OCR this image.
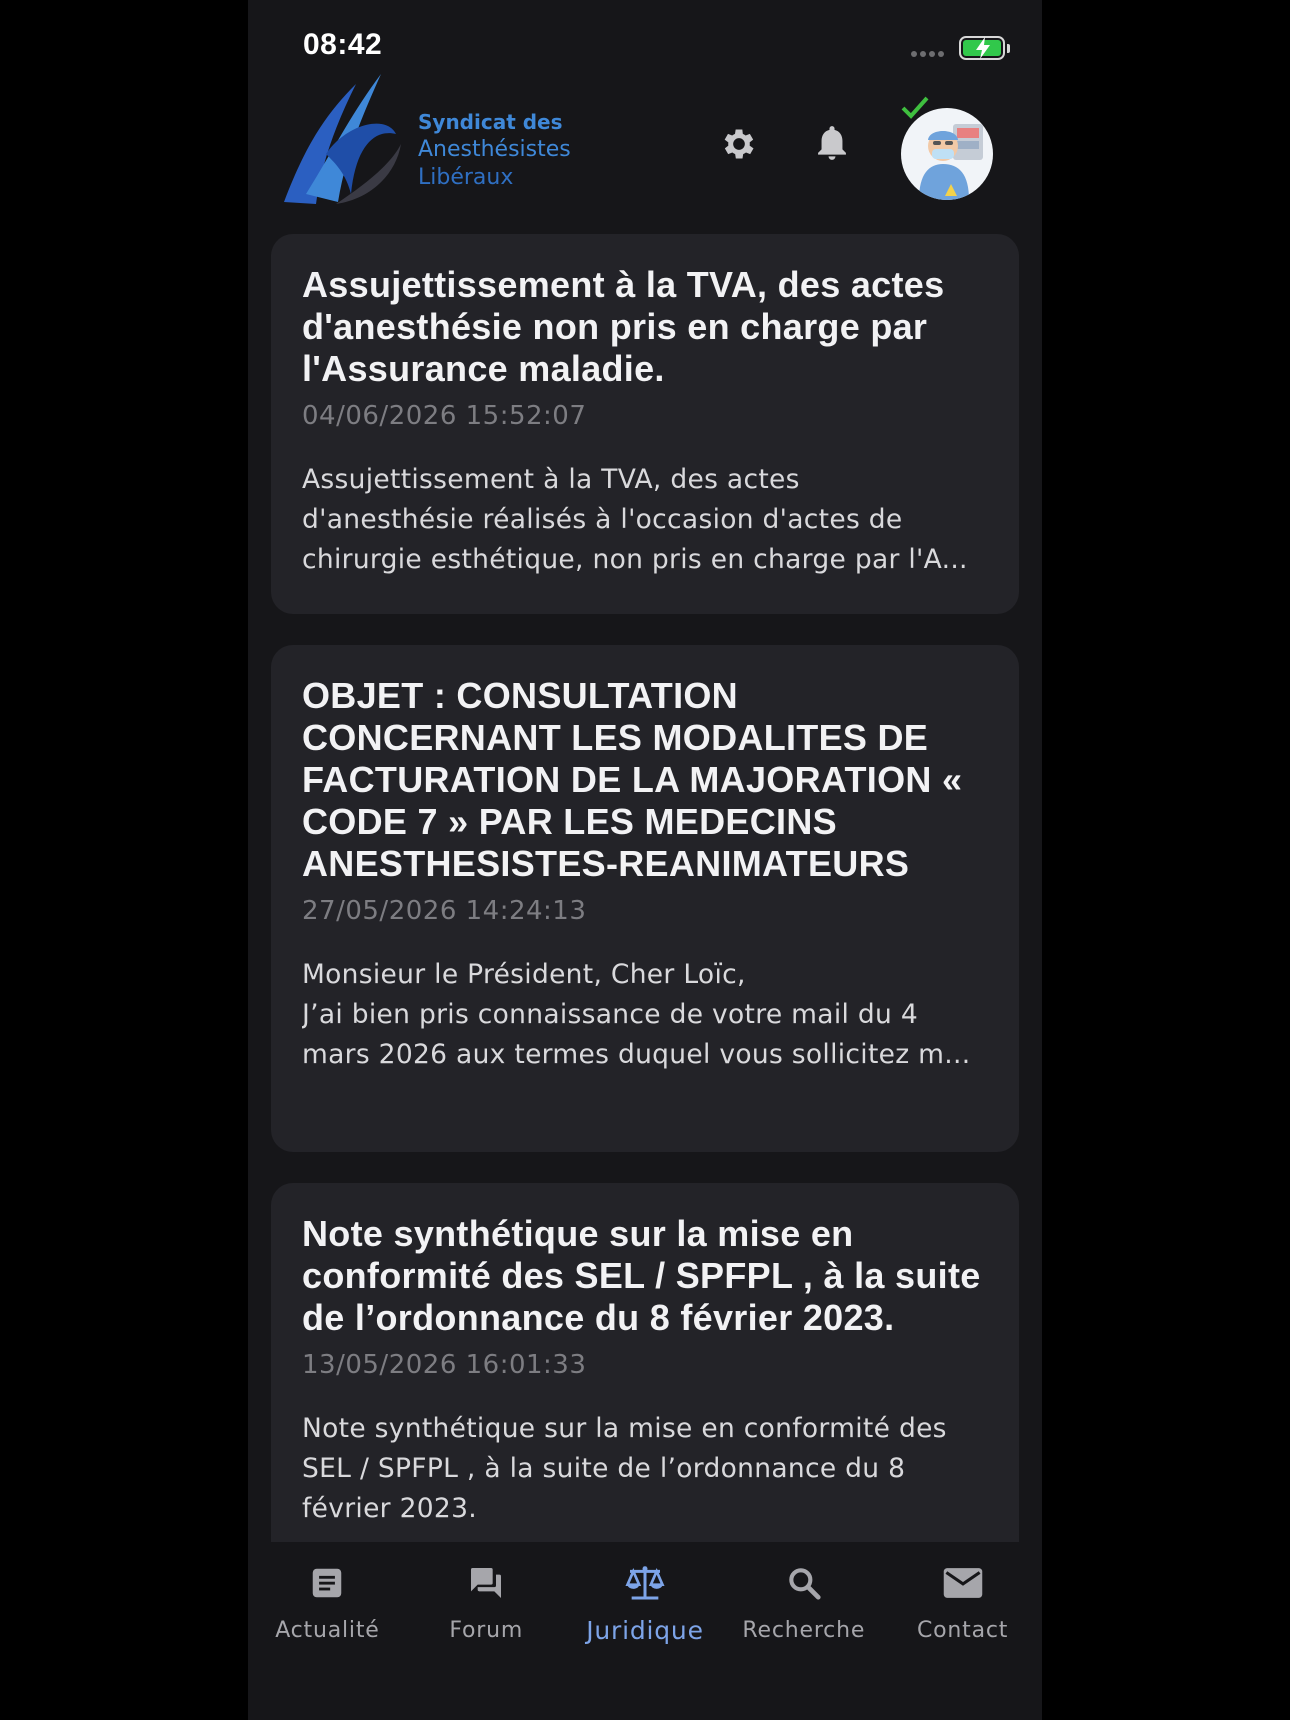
08:42
Syndicat des
Anesthésistes
Libéraux
Assujettissement à la TVA, des actes d'anesthésie non pris en charge par l'Assurance maladie.
04/06/2026 15:52:07
Assujettissement à la TVA, des actes
d'anesthésie réalisés à l'occasion d'actes de
chirurgie esthétique, non pris en charge par l'A...
OBJET : CONSULTATION CONCERNANT LES MODALITES DE FACTURATION DE LA MAJORATION « CODE 7 » PAR LES MEDECINS ANESTHESISTES-REANIMATEURS
27/05/2026 14:24:13
Monsieur le Président, Cher Loïc,
J’ai bien pris connaissance de votre mail du 4
mars 2026 aux termes duquel vous sollicitez m...
Note synthétique sur la mise en conformité des SEL / SPFPL , à la suite de l’ordonnance du 8 février 2023.
13/05/2026 16:01:33
Note synthétique sur la mise en conformité des
SEL / SPFPL , à la suite de l’ordonnance du 8
février 2023.
Actualité	Forum	Juridique Recherche Contact
